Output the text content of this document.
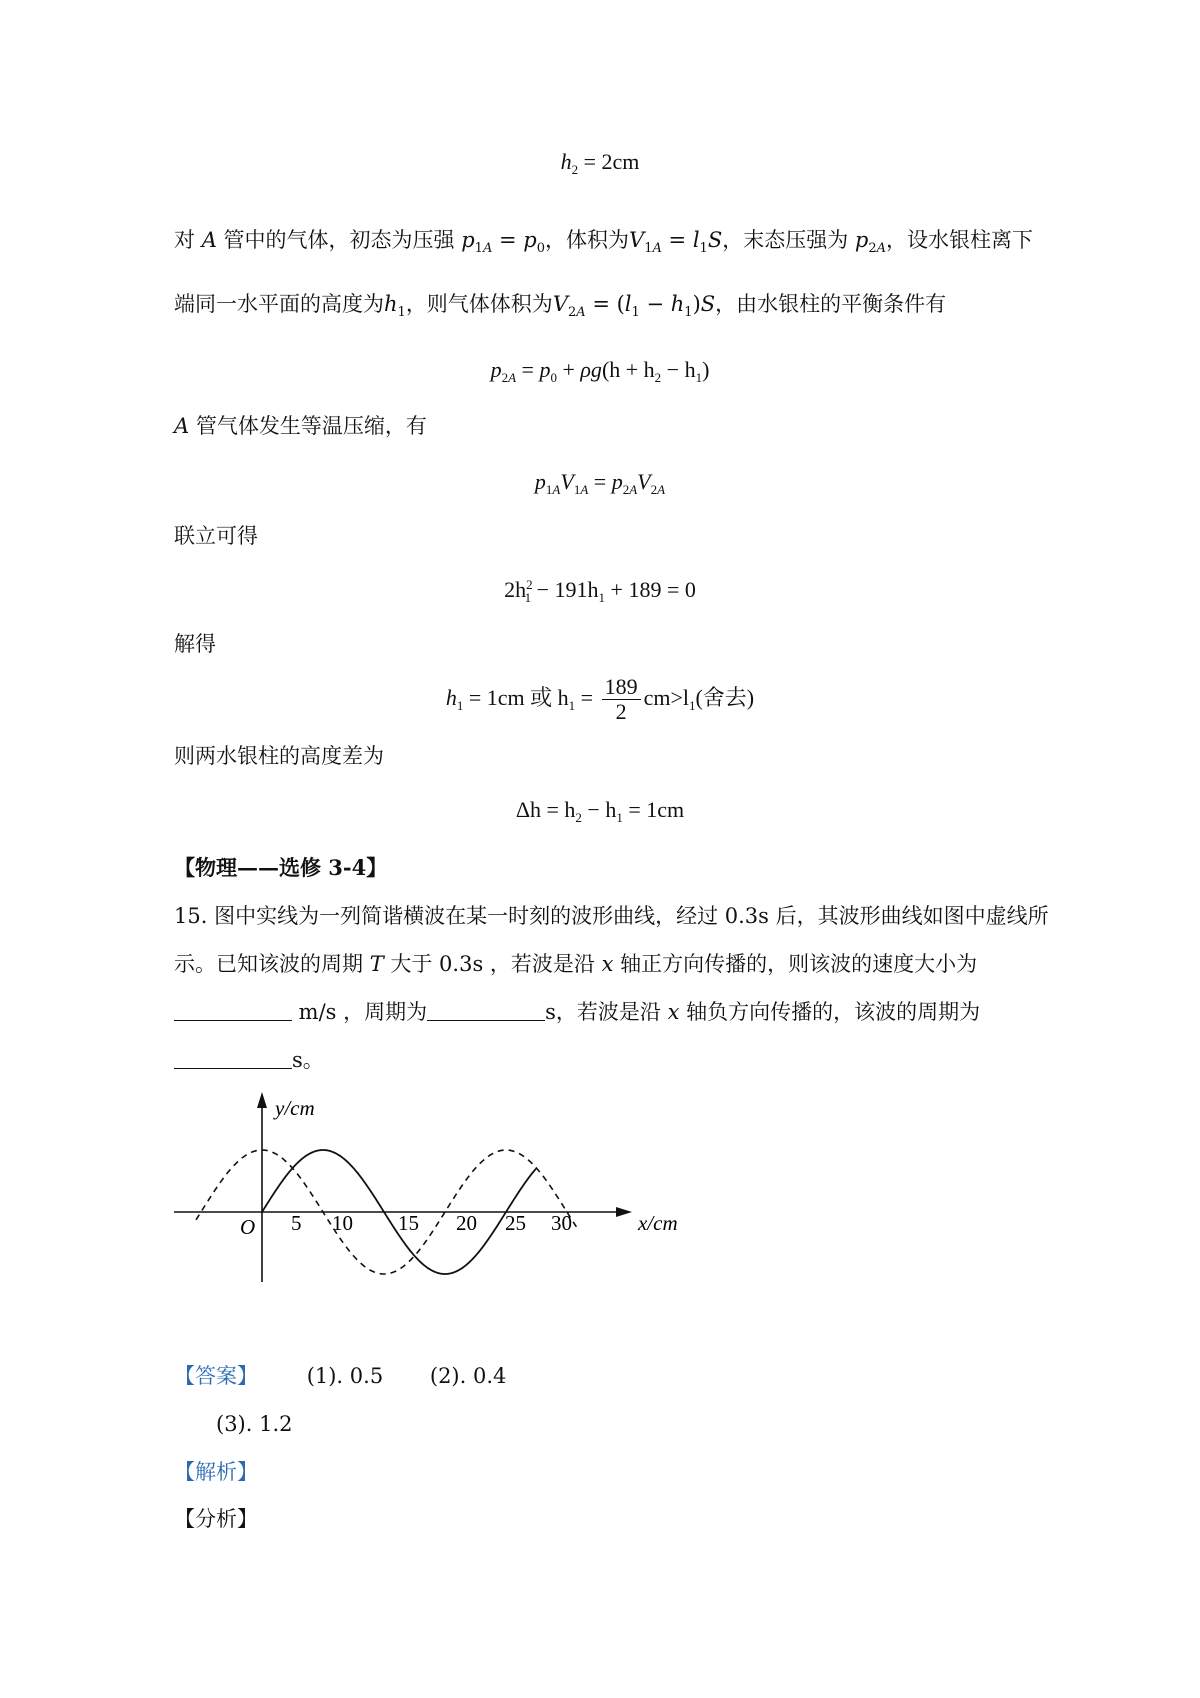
$h_2 = 2cm$
对 A 管中的气体，初态为压强 $p_{1A} = p_0$，体积为$V_{1A} = l_1S$，末态压强为 $p_{2A}$，设水银柱离下
端同一水平面的高度为$h_1$，则气体体积为$V_{2A} = (l_1 - h_1)S$，由水银柱的平衡条件有
$p_{2A} = p_0 + \rho g(h + h_2 - h_1)$
A 管气体发生等温压缩，有
$p_{1A}V_{1A} = p_{2A}V_{2A}$
联立可得
$2h^2_1 - 191h_1 + 189 = 0$
解得
$h_1 = 1cm$ 或 $h_1 = \frac{189}{2} cm>l_1$(舍去)
则两水银柱的高度差为
$\Delta h = h_2 - h_1 = 1cm$
【物理——选修 3-4】
15. 图中实线为一列简谐横波在某一时刻的波形曲线，经过 0.3s 后，其波形曲线如图中虚线所
示。已知该波的周期 T 大于 0.3s ，若波是沿 x 轴正方向传播的，则该波的速度大小为
m/s ，周期为	s，若波是沿 x 轴负方向传播的，该波的周期为
s。
y/cm
x/cm
O 5 10 15 20 25 30
【答案】 (1). 0.5 (2). 0.4
(3). 1.2
【解析】
【分析】
